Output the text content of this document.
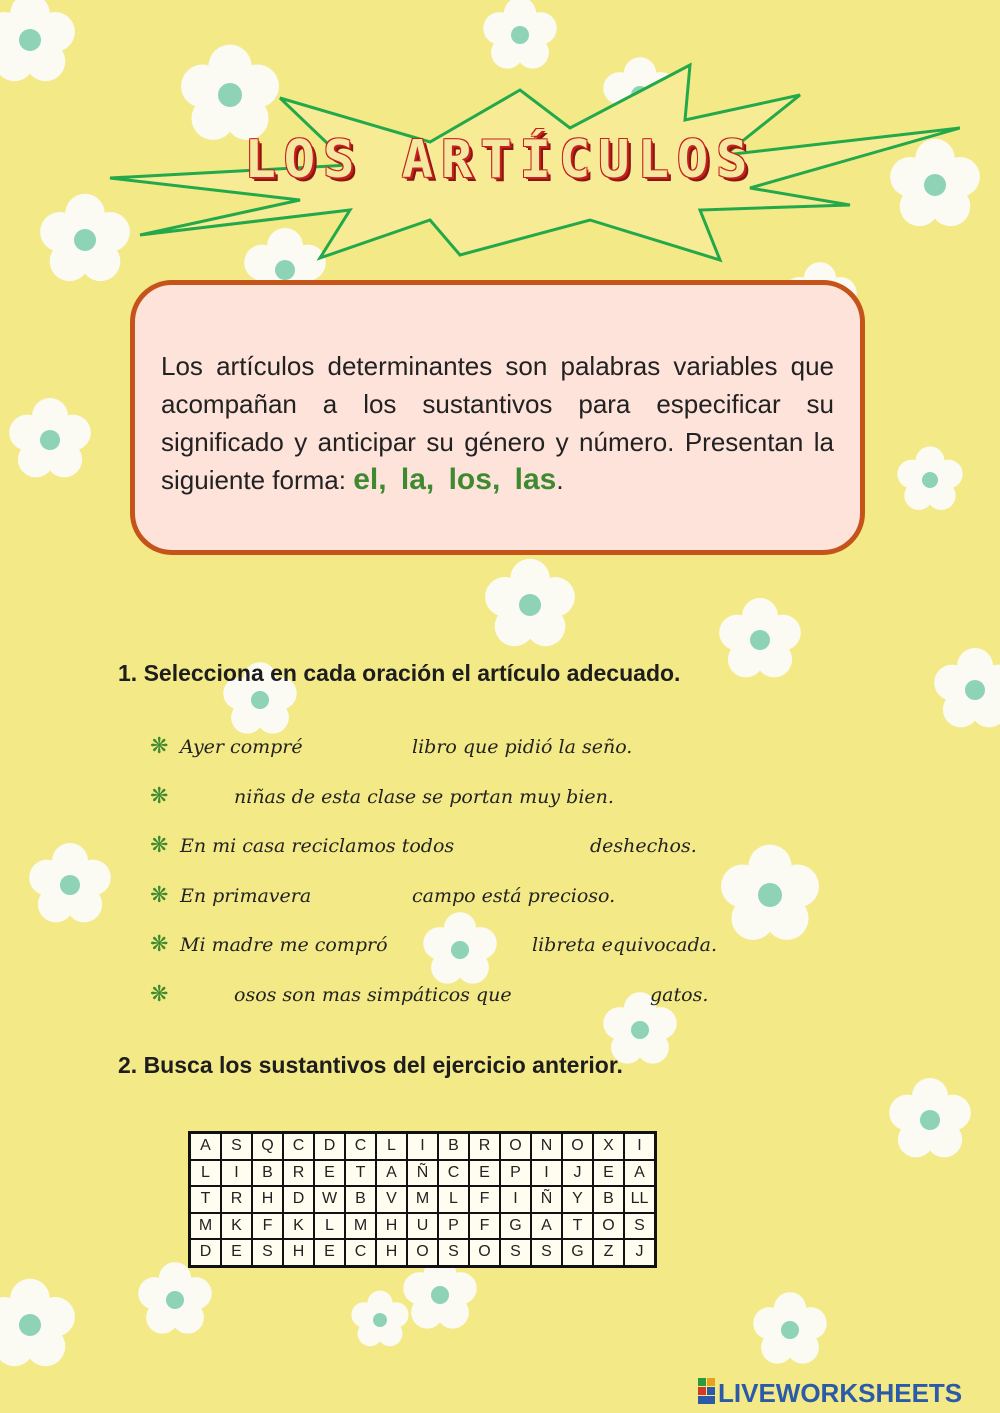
LOS ARTÍCULOS

Los artículos determinantes son palabras variables que acompañan a los sustantivos para especificar su significado y anticipar su género y número. Presentan la siguiente forma: el, la, los, las.

1. Selecciona en cada oración el artículo adecuado.

❋ Ayer compré	libro que pidió la seño.
❋	niñas de esta clase se portan muy bien.
❋ En mi casa reciclamos todos	deshechos.
❋ En primavera	campo está precioso.
❋ Mi madre me compró	libreta equivocada.
❋	osos son mas simpáticos que	gatos.

2. Busca los sustantivos del ejercicio anterior.

A	S	Q	C	D	C	L	I	B	R	O	N	O	X	I
L	I	B	R	E	T	A	Ñ	C	E	P	I	J	E	A
T	R	H	D	W	B	V	M	L	F	I	Ñ	Y	B	LL
M	K	F	K	L	M	H	U	P	F	G	A	T	O	S
D	E	S	H	E	C	H	O	S	O	S	S	G	Z	J
LIVEWORKSHEETS
